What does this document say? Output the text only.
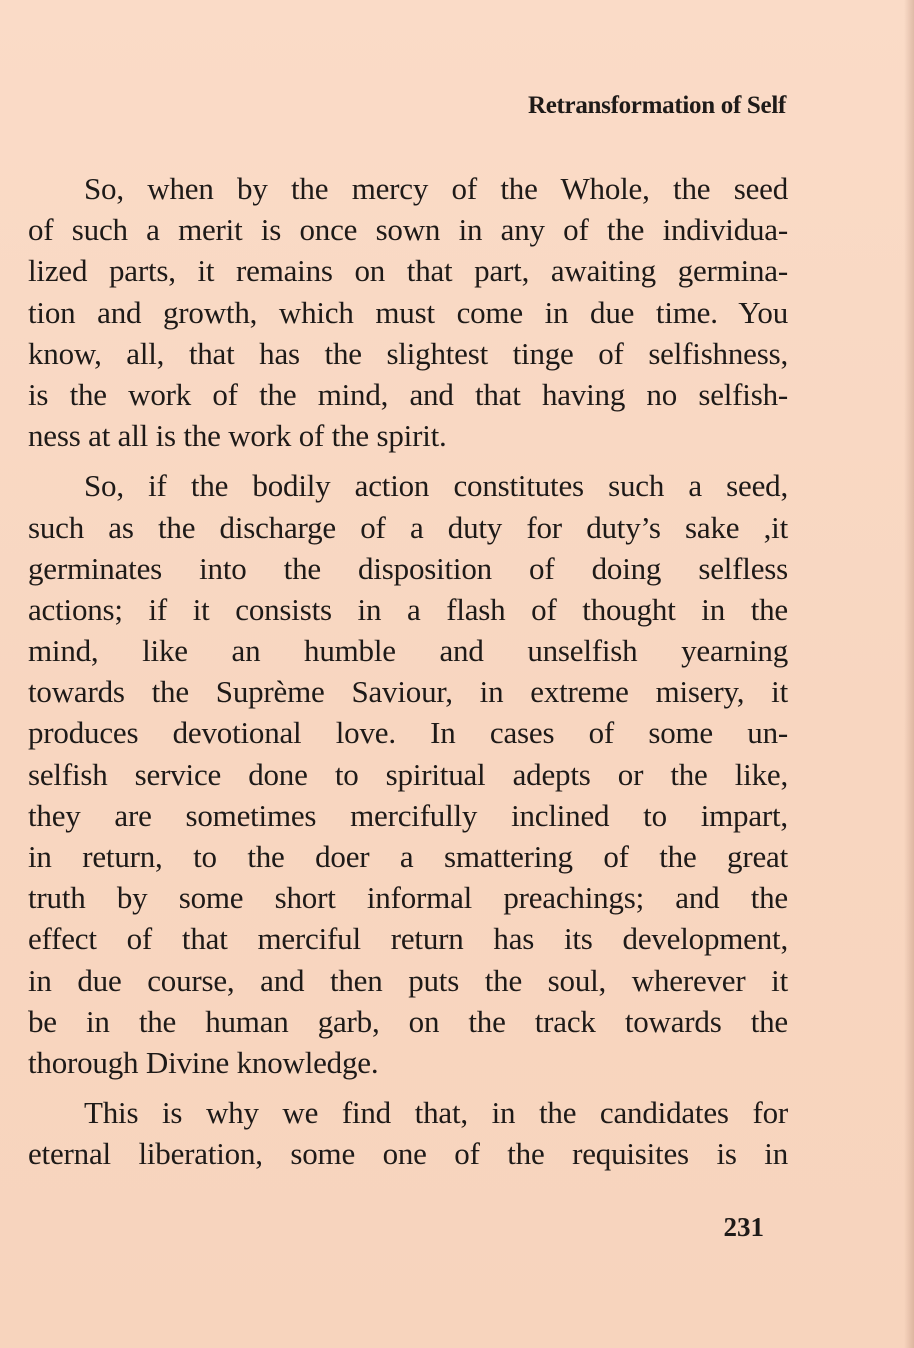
Retransformation of Self
So, when by the mercy of the Whole, the seed
of such a merit is once sown in any of the individua-
lized parts, it remains on that part, awaiting germina-
tion and growth, which must come in due time. You
know, all, that has the slightest tinge of selfishness,
is the work of the mind, and that having no selfish-
ness at all is the work of the spirit.
So, if the bodily action constitutes such a seed,
such as the discharge of a duty for duty’s sake ,it
germinates into the disposition of doing selfless
actions; if it consists in a flash of thought in the
mind, like an humble and unselfish yearning
towards the Suprème Saviour, in extreme misery, it
produces devotional love. In cases of some un-
selfish service done to spiritual adepts or the like,
they are sometimes mercifully inclined to impart,
in return, to the doer a smattering of the great
truth by some short informal preachings; and the
effect of that merciful return has its development,
in due course, and then puts the soul, wherever it
be in the human garb, on the track towards the
thorough Divine knowledge.
This is why we find that, in the candidates for
eternal liberation, some one of the requisites is in
231
